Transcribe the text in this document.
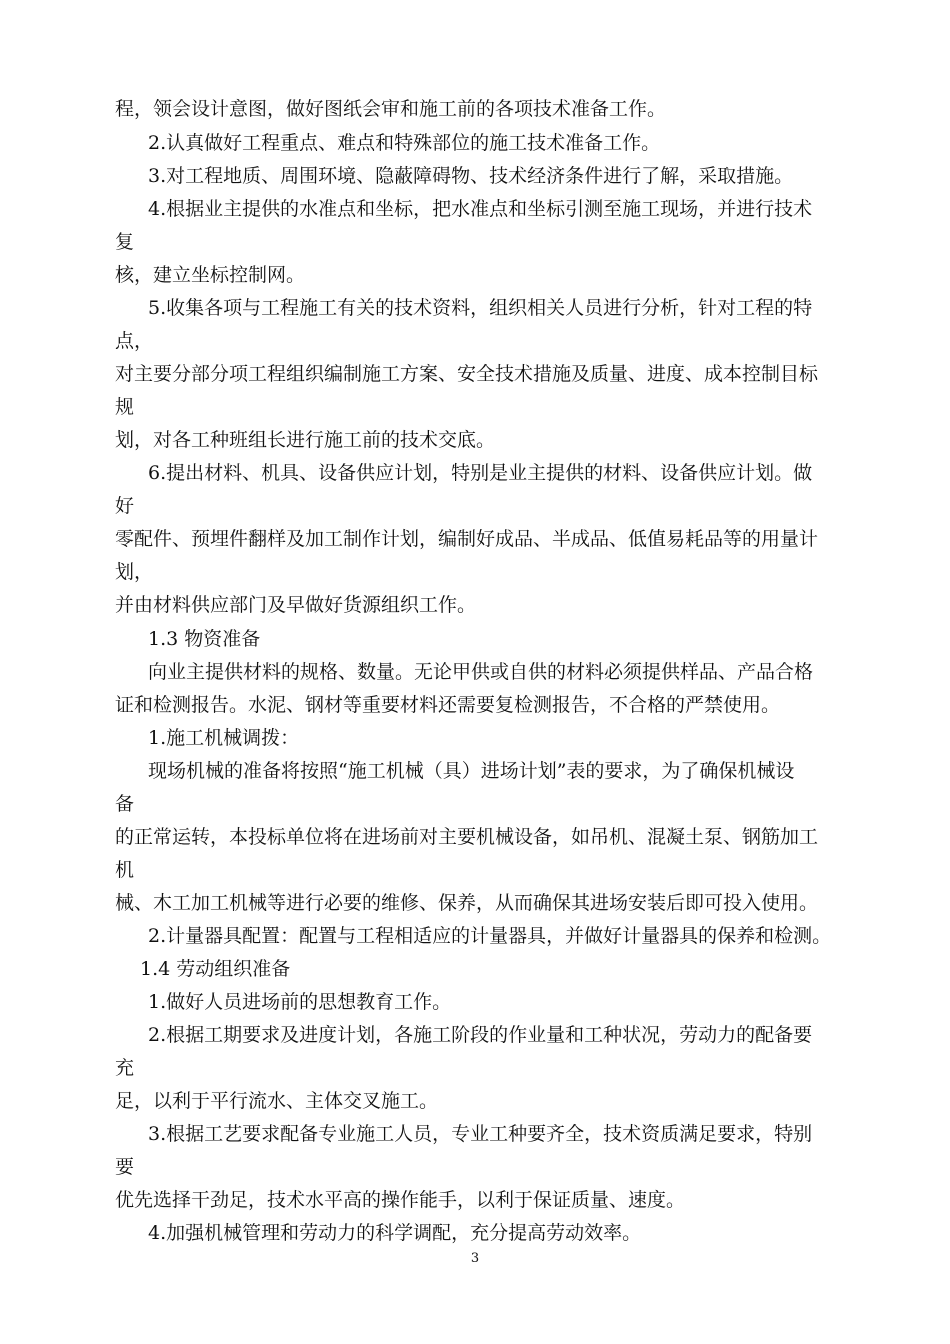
程，领会设计意图，做好图纸会审和施工前的各项技术准备工作。
2.认真做好工程重点、难点和特殊部位的施工技术准备工作。
3.对工程地质、周围环境、隐蔽障碍物、技术经济条件进行了解，采取措施。
4.根据业主提供的水准点和坐标，把水准点和坐标引测至施工现场，并进行技术
复
核，建立坐标控制网。
5.收集各项与工程施工有关的技术资料，组织相关人员进行分析，针对工程的特
点，
对主要分部分项工程组织编制施工方案、安全技术措施及质量、进度、成本控制目标
规
划，对各工种班组长进行施工前的技术交底。
6.提出材料、机具、设备供应计划，特别是业主提供的材料、设备供应计划。做
好
零配件、预埋件翻样及加工制作计划，编制好成品、半成品、低值易耗品等的用量计
划，
并由材料供应部门及早做好货源组织工作。
1.3 物资准备
向业主提供材料的规格、数量。无论甲供或自供的材料必须提供样品、产品合格
证和检测报告。水泥、钢材等重要材料还需要复检测报告，不合格的严禁使用。
1.施工机械调拨：
现场机械的准备将按照“施工机械（具）进场计划”表的要求，为了确保机械设
备
的正常运转，本投标单位将在进场前对主要机械设备，如吊机、混凝土泵、钢筋加工
机
械、木工加工机械等进行必要的维修、保养，从而确保其进场安装后即可投入使用。
2.计量器具配置：配置与工程相适应的计量器具，并做好计量器具的保养和检测。
1.4 劳动组织准备
1.做好人员进场前的思想教育工作。
2.根据工期要求及进度计划，各施工阶段的作业量和工种状况，劳动力的配备要
充
足，以利于平行流水、主体交叉施工。
3.根据工艺要求配备专业施工人员，专业工种要齐全，技术资质满足要求，特别
要
优先选择干劲足，技术水平高的操作能手，以利于保证质量、速度。
4.加强机械管理和劳动力的科学调配，充分提高劳动效率。
3
